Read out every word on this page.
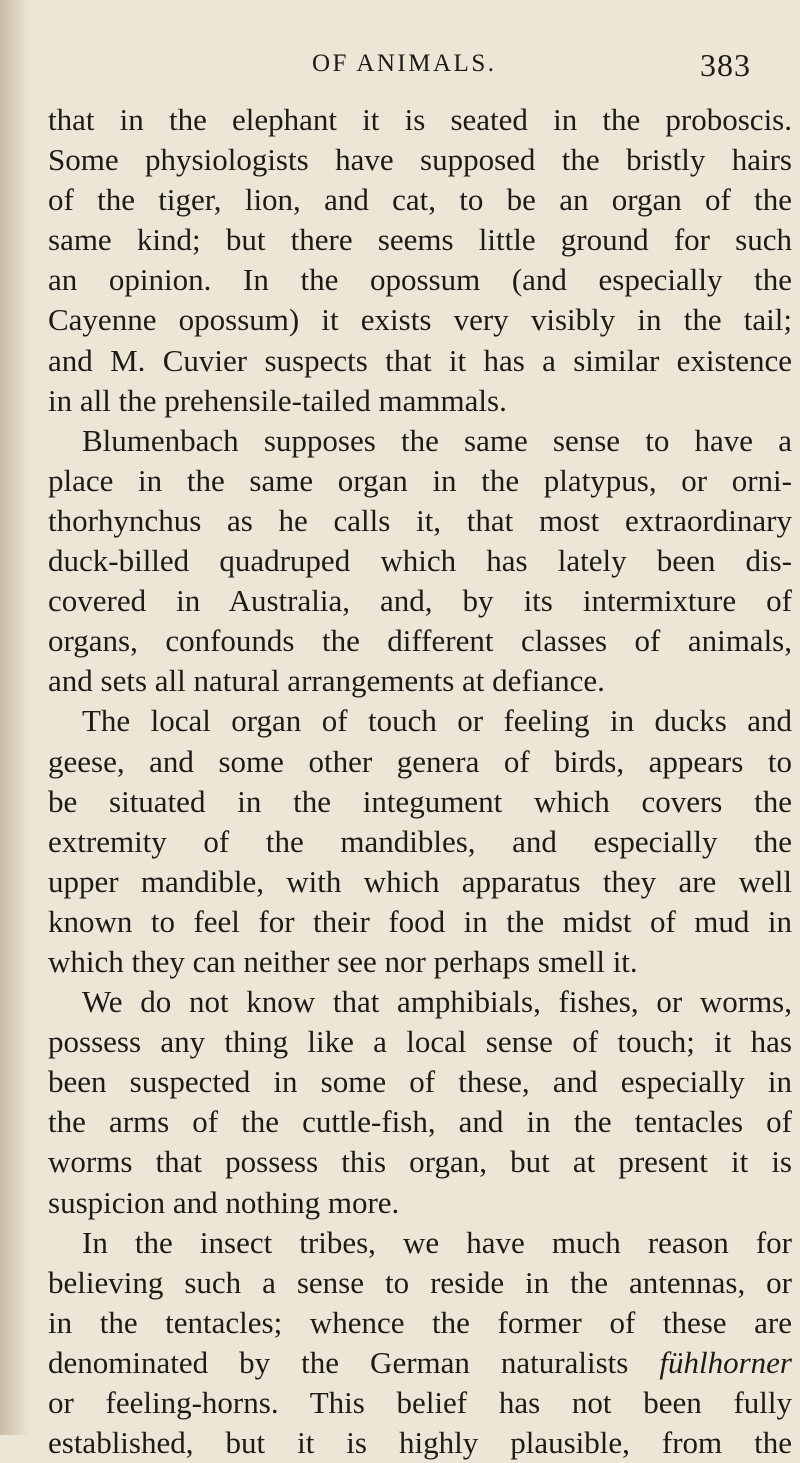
OF ANIMALS.	383

that in the elephant it is seated in the proboscis.
Some physiologists have supposed the bristly hairs
of the tiger, lion, and cat, to be an organ of the
same kind; but there seems little ground for such
an opinion. In the opossum (and especially the
Cayenne opossum) it exists very visibly in the tail;
and M. Cuvier suspects that it has a similar existence
in all the prehensile-tailed mammals.

Blumenbach supposes the same sense to have a
place in the same organ in the platypus, or orni-
thorhynchus as he calls it, that most extraordinary
duck-billed quadruped which has lately been dis-
covered in Australia, and, by its intermixture of
organs, confounds the different classes of animals,
and sets all natural arrangements at defiance.

The local organ of touch or feeling in ducks and
geese, and some other genera of birds, appears to
be situated in the integument which covers the
extremity of the mandibles, and especially the
upper mandible, with which apparatus they are well
known to feel for their food in the midst of mud in
which they can neither see nor perhaps smell it.

We do not know that amphibials, fishes, or worms,
possess any thing like a local sense of touch; it has
been suspected in some of these, and especially in
the arms of the cuttle-fish, and in the tentacles of
worms that possess this organ, but at present it is
suspicion and nothing more.

In the insect tribes, we have much reason for
believing such a sense to reside in the antennas, or
in the tentacles; whence the former of these are
denominated by the German naturalists fühlhorner
or feeling-horns. This belief has not been fully
established, but it is highly plausible, from the
